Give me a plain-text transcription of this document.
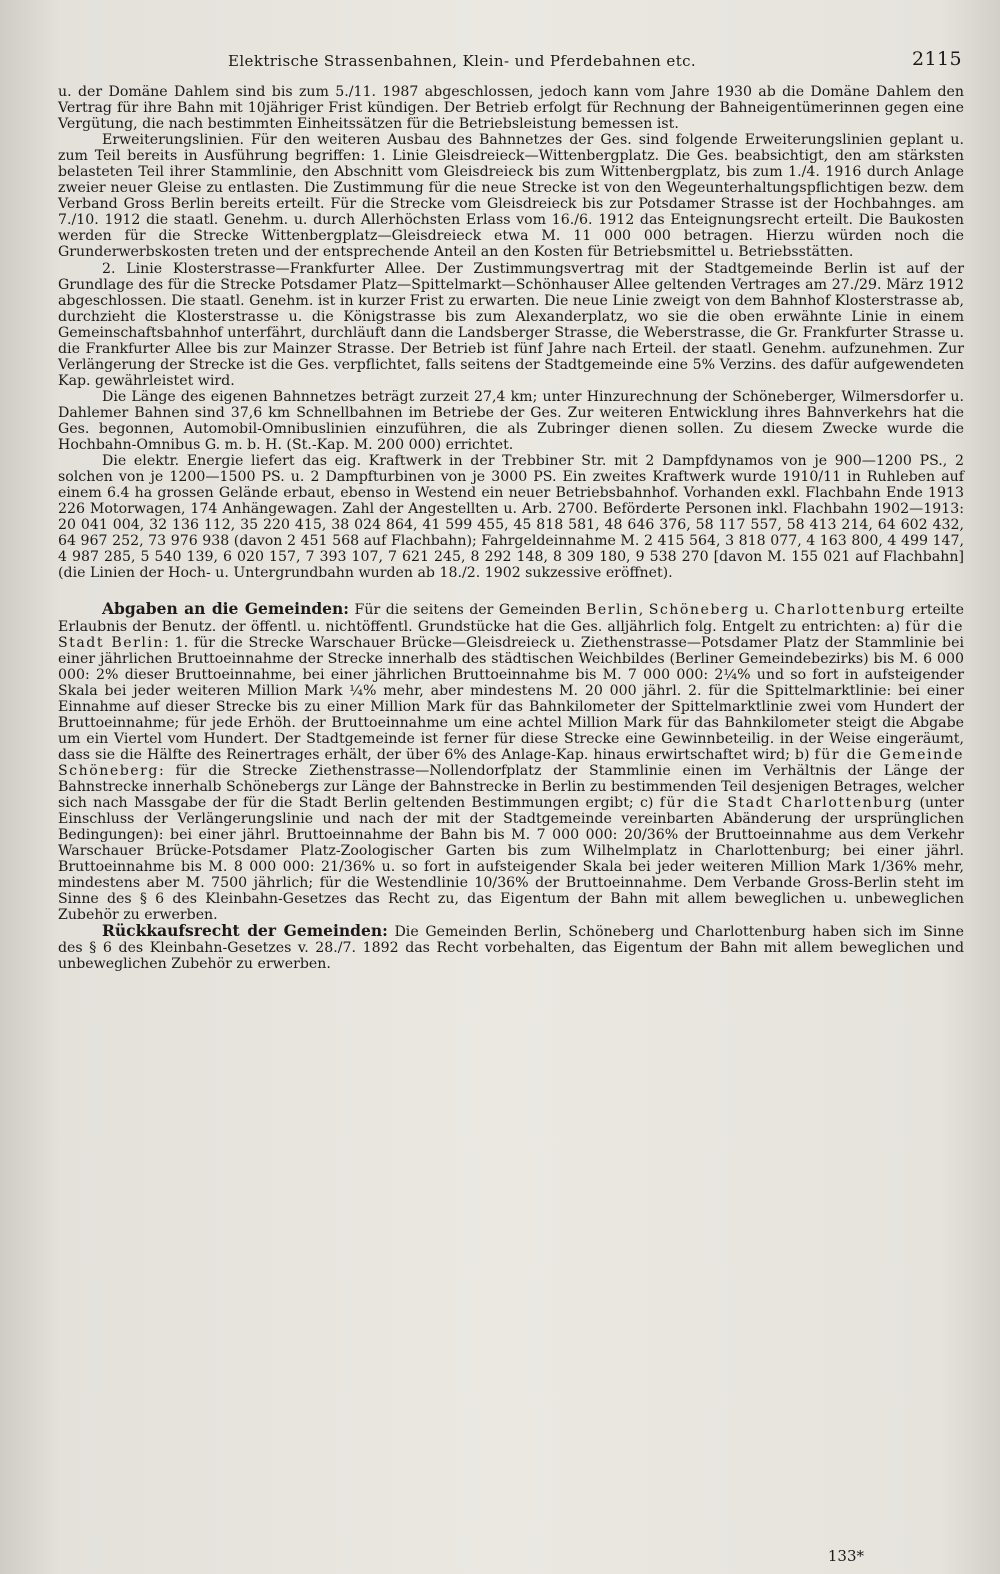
Elektrische Strassenbahnen, Klein- und Pferdebahnen etc.	2115

u. der Domäne Dahlem sind bis zum 5./11. 1987 abgeschlossen, jedoch kann vom Jahre 1930 ab die Domäne Dahlem den Vertrag für ihre Bahn mit 10jähriger Frist kündigen. Der Betrieb erfolgt für Rechnung der Bahneigentümerinnen gegen eine Vergütung, die nach bestimmten Einheitssätzen für die Betriebsleistung bemessen ist.

Erweiterungslinien. Für den weiteren Ausbau des Bahnnetzes der Ges. sind folgende Erweiterungslinien geplant u. zum Teil bereits in Ausführung begriffen: 1. Linie Gleisdreieck—Wittenbergplatz. Die Ges. beabsichtigt, den am stärksten belasteten Teil ihrer Stammlinie, den Abschnitt vom Gleisdreieck bis zum Wittenbergplatz, bis zum 1./4. 1916 durch Anlage zweier neuer Gleise zu entlasten. Die Zustimmung für die neue Strecke ist von den Wegeunterhaltungspflichtigen bezw. dem Verband Gross Berlin bereits erteilt. Für die Strecke vom Gleisdreieck bis zur Potsdamer Strasse ist der Hochbahnges. am 7./10. 1912 die staatl. Genehm. u. durch Allerhöchsten Erlass vom 16./6. 1912 das Enteignungsrecht erteilt. Die Baukosten werden für die Strecke Wittenbergplatz—Gleisdreieck etwa M. 11 000 000 betragen. Hierzu würden noch die Grunderwerbskosten treten und der entsprechende Anteil an den Kosten für Betriebsmittel u. Betriebsstätten.

2. Linie Klosterstrasse—Frankfurter Allee. Der Zustimmungsvertrag mit der Stadtgemeinde Berlin ist auf der Grundlage des für die Strecke Potsdamer Platz—Spittelmarkt—Schönhauser Allee geltenden Vertrages am 27./29. März 1912 abgeschlossen. Die staatl. Genehm. ist in kurzer Frist zu erwarten. Die neue Linie zweigt von dem Bahnhof Klosterstrasse ab, durchzieht die Klosterstrasse u. die Königstrasse bis zum Alexanderplatz, wo sie die oben erwähnte Linie in einem Gemeinschaftsbahnhof unterfährt, durchläuft dann die Landsberger Strasse, die Weberstrasse, die Gr. Frankfurter Strasse u. die Frankfurter Allee bis zur Mainzer Strasse. Der Betrieb ist fünf Jahre nach Erteil. der staatl. Genehm. aufzunehmen. Zur Verlängerung der Strecke ist die Ges. verpflichtet, falls seitens der Stadtgemeinde eine 5% Verzins. des dafür aufgewendeten Kap. gewährleistet wird.

Die Länge des eigenen Bahnnetzes beträgt zurzeit 27,4 km; unter Hinzurechnung der Schöneberger, Wilmersdorfer u. Dahlemer Bahnen sind 37,6 km Schnellbahnen im Betriebe der Ges. Zur weiteren Entwicklung ihres Bahnverkehrs hat die Ges. begonnen, Automobil-Omnibuslinien einzuführen, die als Zubringer dienen sollen. Zu diesem Zwecke wurde die Hochbahn-Omnibus G. m. b. H. (St.-Kap. M. 200 000) errichtet.

Die elektr. Energie liefert das eig. Kraftwerk in der Trebbiner Str. mit 2 Dampfdynamos von je 900—1200 PS., 2 solchen von je 1200—1500 PS. u. 2 Dampfturbinen von je 3000 PS. Ein zweites Kraftwerk wurde 1910/11 in Ruhleben auf einem 6.4 ha grossen Gelände erbaut, ebenso in Westend ein neuer Betriebsbahnhof. Vorhanden exkl. Flachbahn Ende 1913 226 Motorwagen, 174 Anhängewagen. Zahl der Angestellten u. Arb. 2700. Beförderte Personen inkl. Flachbahn 1902—1913: 20 041 004, 32 136 112, 35 220 415, 38 024 864, 41 599 455, 45 818 581, 48 646 376, 58 117 557, 58 413 214, 64 602 432, 64 967 252, 73 976 938 (davon 2 451 568 auf Flachbahn); Fahrgeldeinnahme M. 2 415 564, 3 818 077, 4 163 800, 4 499 147, 4 987 285, 5 540 139, 6 020 157, 7 393 107, 7 621 245, 8 292 148, 8 309 180, 9 538 270 [davon M. 155 021 auf Flachbahn] (die Linien der Hoch- u. Untergrundbahn wurden ab 18./2. 1902 sukzessive eröffnet).

Abgaben an die Gemeinden: Für die seitens der Gemeinden Berlin, Schöneberg u. Charlottenburg erteilte Erlaubnis der Benutz. der öffentl. u. nichtöffentl. Grundstücke hat die Ges. alljährlich folg. Entgelt zu entrichten: a) für die Stadt Berlin: 1. für die Strecke Warschauer Brücke—Gleisdreieck u. Ziethenstrasse—Potsdamer Platz der Stammlinie bei einer jährlichen Bruttoeinnahme der Strecke innerhalb des städtischen Weichbildes (Berliner Gemeindebezirks) bis M. 6 000 000: 2% dieser Bruttoeinnahme, bei einer jährlichen Bruttoeinnahme bis M. 7 000 000: 2¼% und so fort in aufsteigender Skala bei jeder weiteren Million Mark ¼% mehr, aber mindestens M. 20 000 jährl. 2. für die Spittelmarktlinie: bei einer Einnahme auf dieser Strecke bis zu einer Million Mark für das Bahnkilometer der Spittelmarktlinie zwei vom Hundert der Bruttoeinnahme; für jede Erhöh. der Bruttoeinnahme um eine achtel Million Mark für das Bahnkilometer steigt die Abgabe um ein Viertel vom Hundert. Der Stadtgemeinde ist ferner für diese Strecke eine Gewinnbeteilig. in der Weise eingeräumt, dass sie die Hälfte des Reinertrages erhält, der über 6% des Anlage-Kap. hinaus erwirtschaftet wird; b) für die Gemeinde Schöneberg: für die Strecke Ziethenstrasse—Nollendorfplatz der Stammlinie einen im Verhältnis der Länge der Bahnstrecke innerhalb Schönebergs zur Länge der Bahnstrecke in Berlin zu bestimmenden Teil desjenigen Betrages, welcher sich nach Massgabe der für die Stadt Berlin geltenden Bestimmungen ergibt; c) für die Stadt Charlottenburg (unter Einschluss der Verlängerungslinie und nach der mit der Stadtgemeinde vereinbarten Abänderung der ursprünglichen Bedingungen): bei einer jährl. Bruttoeinnahme der Bahn bis M. 7 000 000: 20/36% der Bruttoeinnahme aus dem Verkehr Warschauer Brücke-Potsdamer Platz-Zoologischer Garten bis zum Wilhelmplatz in Charlottenburg; bei einer jährl. Bruttoeinnahme bis M. 8 000 000: 21/36% u. so fort in aufsteigender Skala bei jeder weiteren Million Mark 1/36% mehr, mindestens aber M. 7500 jährlich; für die Westendlinie 10/36% der Bruttoeinnahme. Dem Verbande Gross-Berlin steht im Sinne des § 6 des Kleinbahn-Gesetzes das Recht zu, das Eigentum der Bahn mit allem beweglichen u. unbeweglichen Zubehör zu erwerben.

Rückkaufsrecht der Gemeinden: Die Gemeinden Berlin, Schöneberg und Charlottenburg haben sich im Sinne des § 6 des Kleinbahn-Gesetzes v. 28./7. 1892 das Recht vorbehalten, das Eigentum der Bahn mit allem beweglichen und unbeweglichen Zubehör zu erwerben.

133*
